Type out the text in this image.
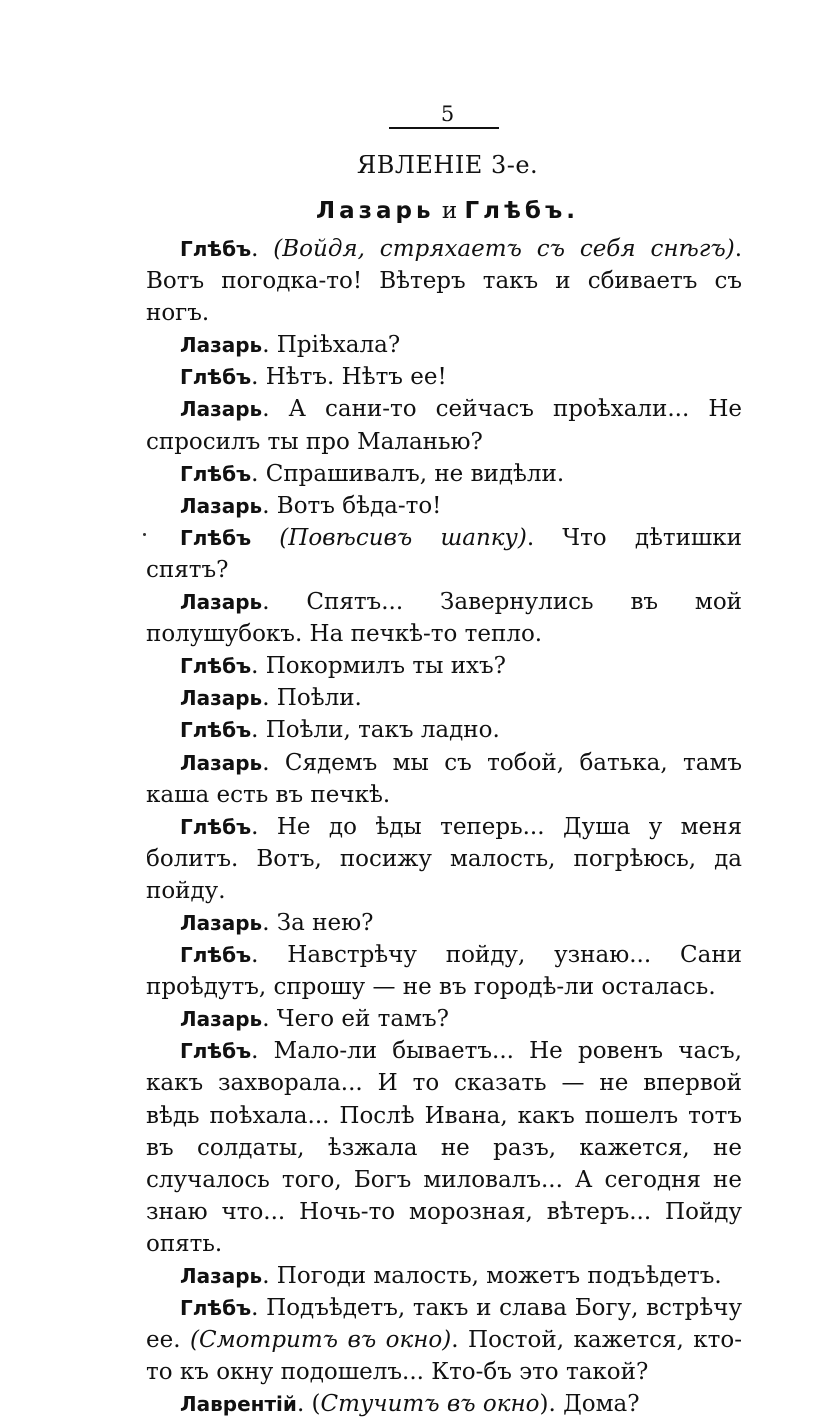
5
ЯВЛЕНІЕ 3-е.
Лазарь и Глѣбъ.

Глѣбъ. (Войдя, стряхаетъ съ себя снѣгъ). Вотъ погодка-то! Вѣтеръ такъ и сбиваетъ съ ногъ.

Лазарь. Пріѣхала?

Глѣбъ. Нѣтъ. Нѣтъ ее!

Лазарь. А сани-то сейчасъ проѣхали... Не спросилъ ты про Маланью?

Глѣбъ. Спрашивалъ, не видѣли.

Лазарь. Вотъ бѣда-то!

Глѣбъ (Повѣсивъ шапку). Что дѣтишки спятъ?

Лазарь. Спятъ... Завернулись въ мой полушубокъ. На печкѣ-то тепло.

Глѣбъ. Покормилъ ты ихъ?

Лазарь. Поѣли.

Глѣбъ. Поѣли, такъ ладно.

Лазарь. Сядемъ мы съ тобой, батька, тамъ каша есть въ печкѣ.

Глѣбъ. Не до ѣды теперь... Душа у меня болитъ. Вотъ, посижу малость, погрѣюсь, да пойду.

Лазарь. За нею?

Глѣбъ. Навстрѣчу пойду, узнаю... Сани проѣдутъ, спрошу — не въ городѣ-ли осталась.

Лазарь. Чего ей тамъ?

Глѣбъ. Мало-ли бываетъ... Не ровенъ часъ, какъ захворала... И то сказать — не впервой вѣдь поѣхала... Послѣ Ивана, какъ пошелъ тотъ въ солдаты, ѣзжала не разъ, кажется, не случалось того, Богъ миловалъ... А сегодня не знаю что... Ночь-то морозная, вѣтеръ... Пойду опять.

Лазарь. Погоди малость, можетъ подъѣдетъ.

Глѣбъ. Подъѣдетъ, такъ и слава Богу, встрѣчу ее. (Смотритъ въ окно). Постой, кажется, кто-то къ окну подошелъ... Кто-бъ это такой?

Лаврентій. (Стучитъ въ окно). Дома?
